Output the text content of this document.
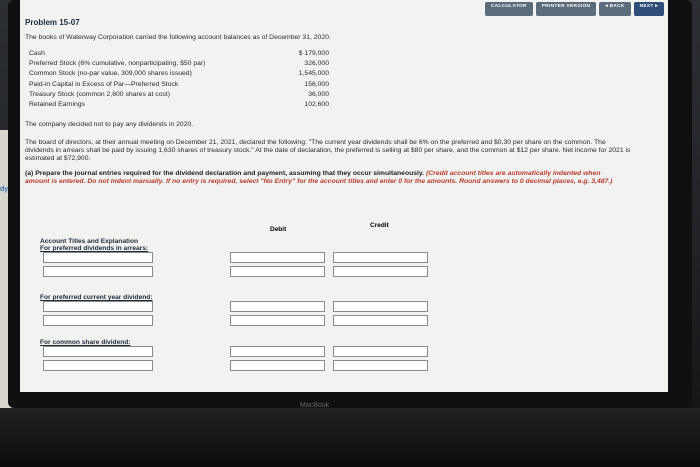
dy
CALCULATOR	PRINTER VERSION	◂ BACK	NEXT ▸
Problem 15-07
The books of Waterway Corporation carried the following account balances as of December 31, 2020.
Cash	$ 179,000
Preferred Stock (6% cumulative, nonparticipating, $50 par)	326,000
Common Stock (no-par value, 309,000 shares issued)	1,545,000
Paid-in Capital in Excess of Par—Preferred Stock	156,000
Treasury Stock (common 2,600 shares at cost)	36,000
Retained Earnings	102,600
The company decided not to pay any dividends in 2020.
The board of directors, at their annual meeting on December 21, 2021, declared the following: "The current year dividends shall be 6% on the preferred and $0.30 per share on the common. The dividends in arrears shall be paid by issuing 1,630 shares of treasury stock." At the date of declaration, the preferred is selling at $80 per share, and the common at $12 per share. Net income for 2021 is estimated at $72,900.
(a) Prepare the journal entries required for the dividend declaration and payment, assuming that they occur simultaneously. (Credit account titles are automatically indented when amount is entered. Do not indent manually. If no entry is required, select "No Entry" for the account titles and enter 0 for the amounts. Round answers to 0 decimal places, e.g. 3,487.)
Debit
Credit
Account Titles and Explanation
For preferred dividends in arrears:
For preferred current year dividend:
For common share dividend:
MacBook
